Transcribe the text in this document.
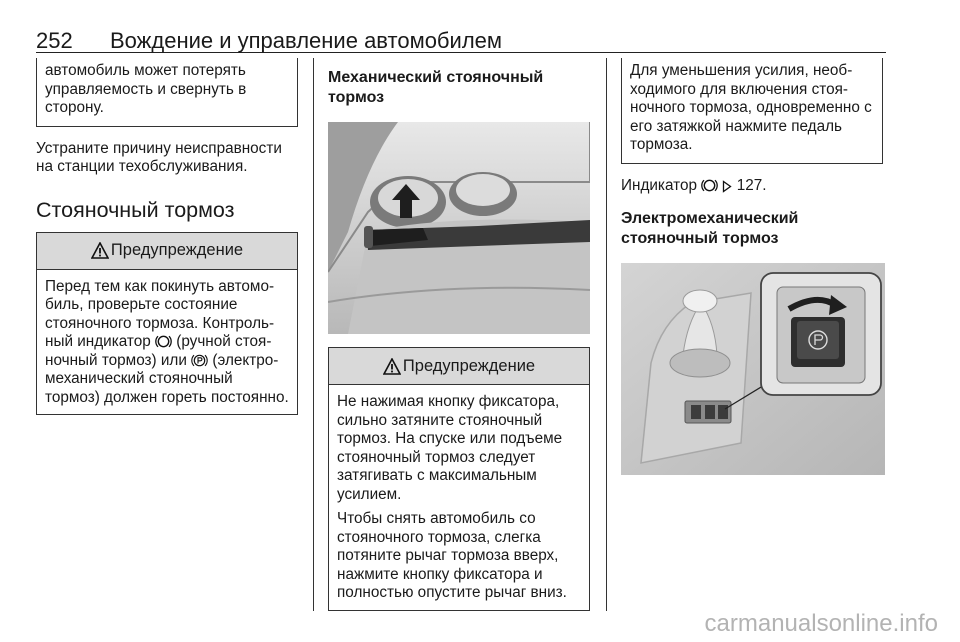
252 Вождение и управление автомобилем
автомобиль может потерять управляемость и свернуть в сторону.

Устраните причину неисправности на станции техобслуживания.

Стояночный тормоз
Предупреждение

Перед тем как покинуть автомобиль, проверьте состояние стояночного тормоза. Контрольный индикатор  (ручной стояночный тормоз) или  (электромеханический стояночный тормоз) должен гореть постоянно.

Механический стояночный тормоз
Предупреждение

Не нажимая кнопку фиксатора, сильно затяните стояночный тормоз. На спуске или подъеме стояночный тормоз следует затягивать с максимальным усилием.

Чтобы снять автомобиль со стояночного тормоза, слегка потяните рычаг тормоза вверх, нажмите кнопку фиксатора и полностью опустите рычаг вниз.

Для уменьшения усилия, необходимого для включения стояночного тормоза, одновременно с его затяжкой нажмите педаль тормоза.

Индикатор   127.

Электромеханический стояночный тормоз
carmanualsonline.info
